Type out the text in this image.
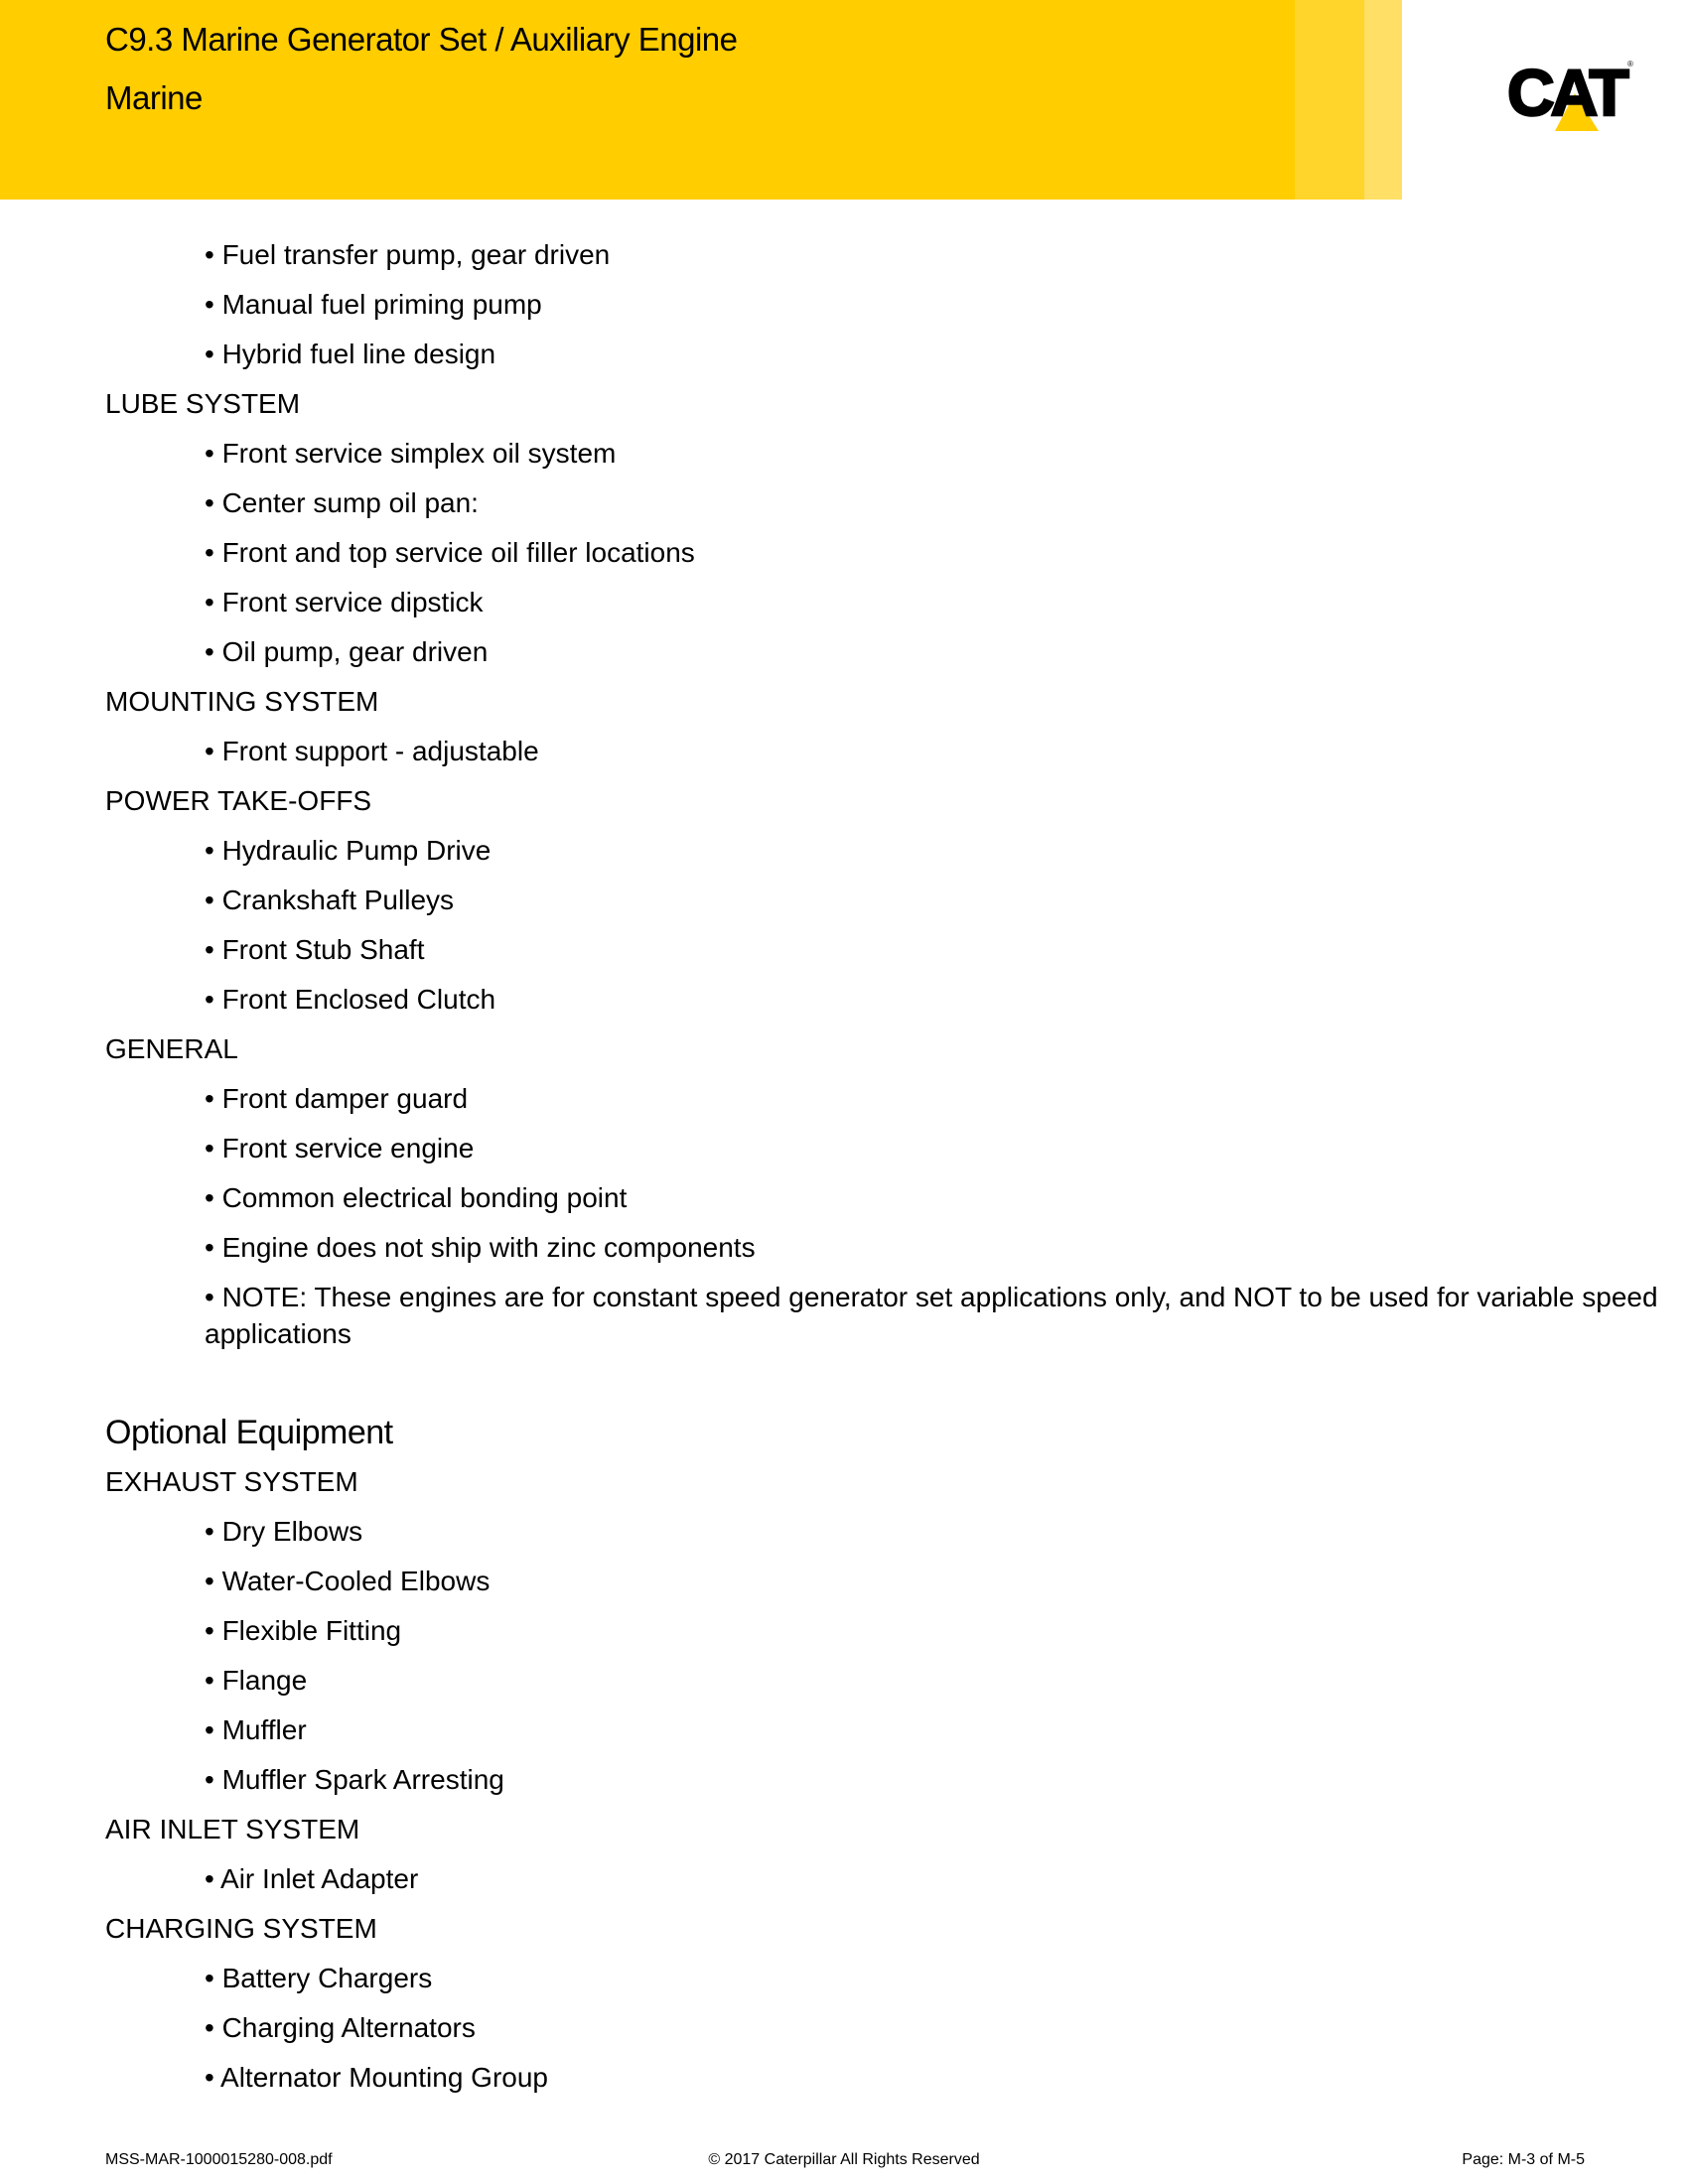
C9.3 Marine Generator Set / Auxiliary Engine
Marine	CAT ®
• Fuel transfer pump, gear driven
• Manual fuel priming pump
• Hybrid fuel line design
LUBE SYSTEM
• Front service simplex oil system
• Center sump oil pan:
• Front and top service oil filler locations
• Front service dipstick
• Oil pump, gear driven
MOUNTING SYSTEM
• Front support - adjustable
POWER TAKE-OFFS
• Hydraulic Pump Drive
• Crankshaft Pulleys
• Front Stub Shaft
• Front Enclosed Clutch
GENERAL
• Front damper guard
• Front service engine
• Common electrical bonding point
• Engine does not ship with zinc components
• NOTE: These engines are for constant speed generator set applications only, and NOT to be used for variable speed applications
Optional Equipment
EXHAUST SYSTEM
• Dry Elbows
• Water-Cooled Elbows
• Flexible Fitting
• Flange
• Muffler
• Muffler Spark Arresting
AIR INLET SYSTEM
• Air Inlet Adapter
CHARGING SYSTEM
• Battery Chargers
• Charging Alternators
• Alternator Mounting Group
MSS-MAR-1000015280-008.pdf	© 2017 Caterpillar All Rights Reserved	Page: M-3 of M-5
